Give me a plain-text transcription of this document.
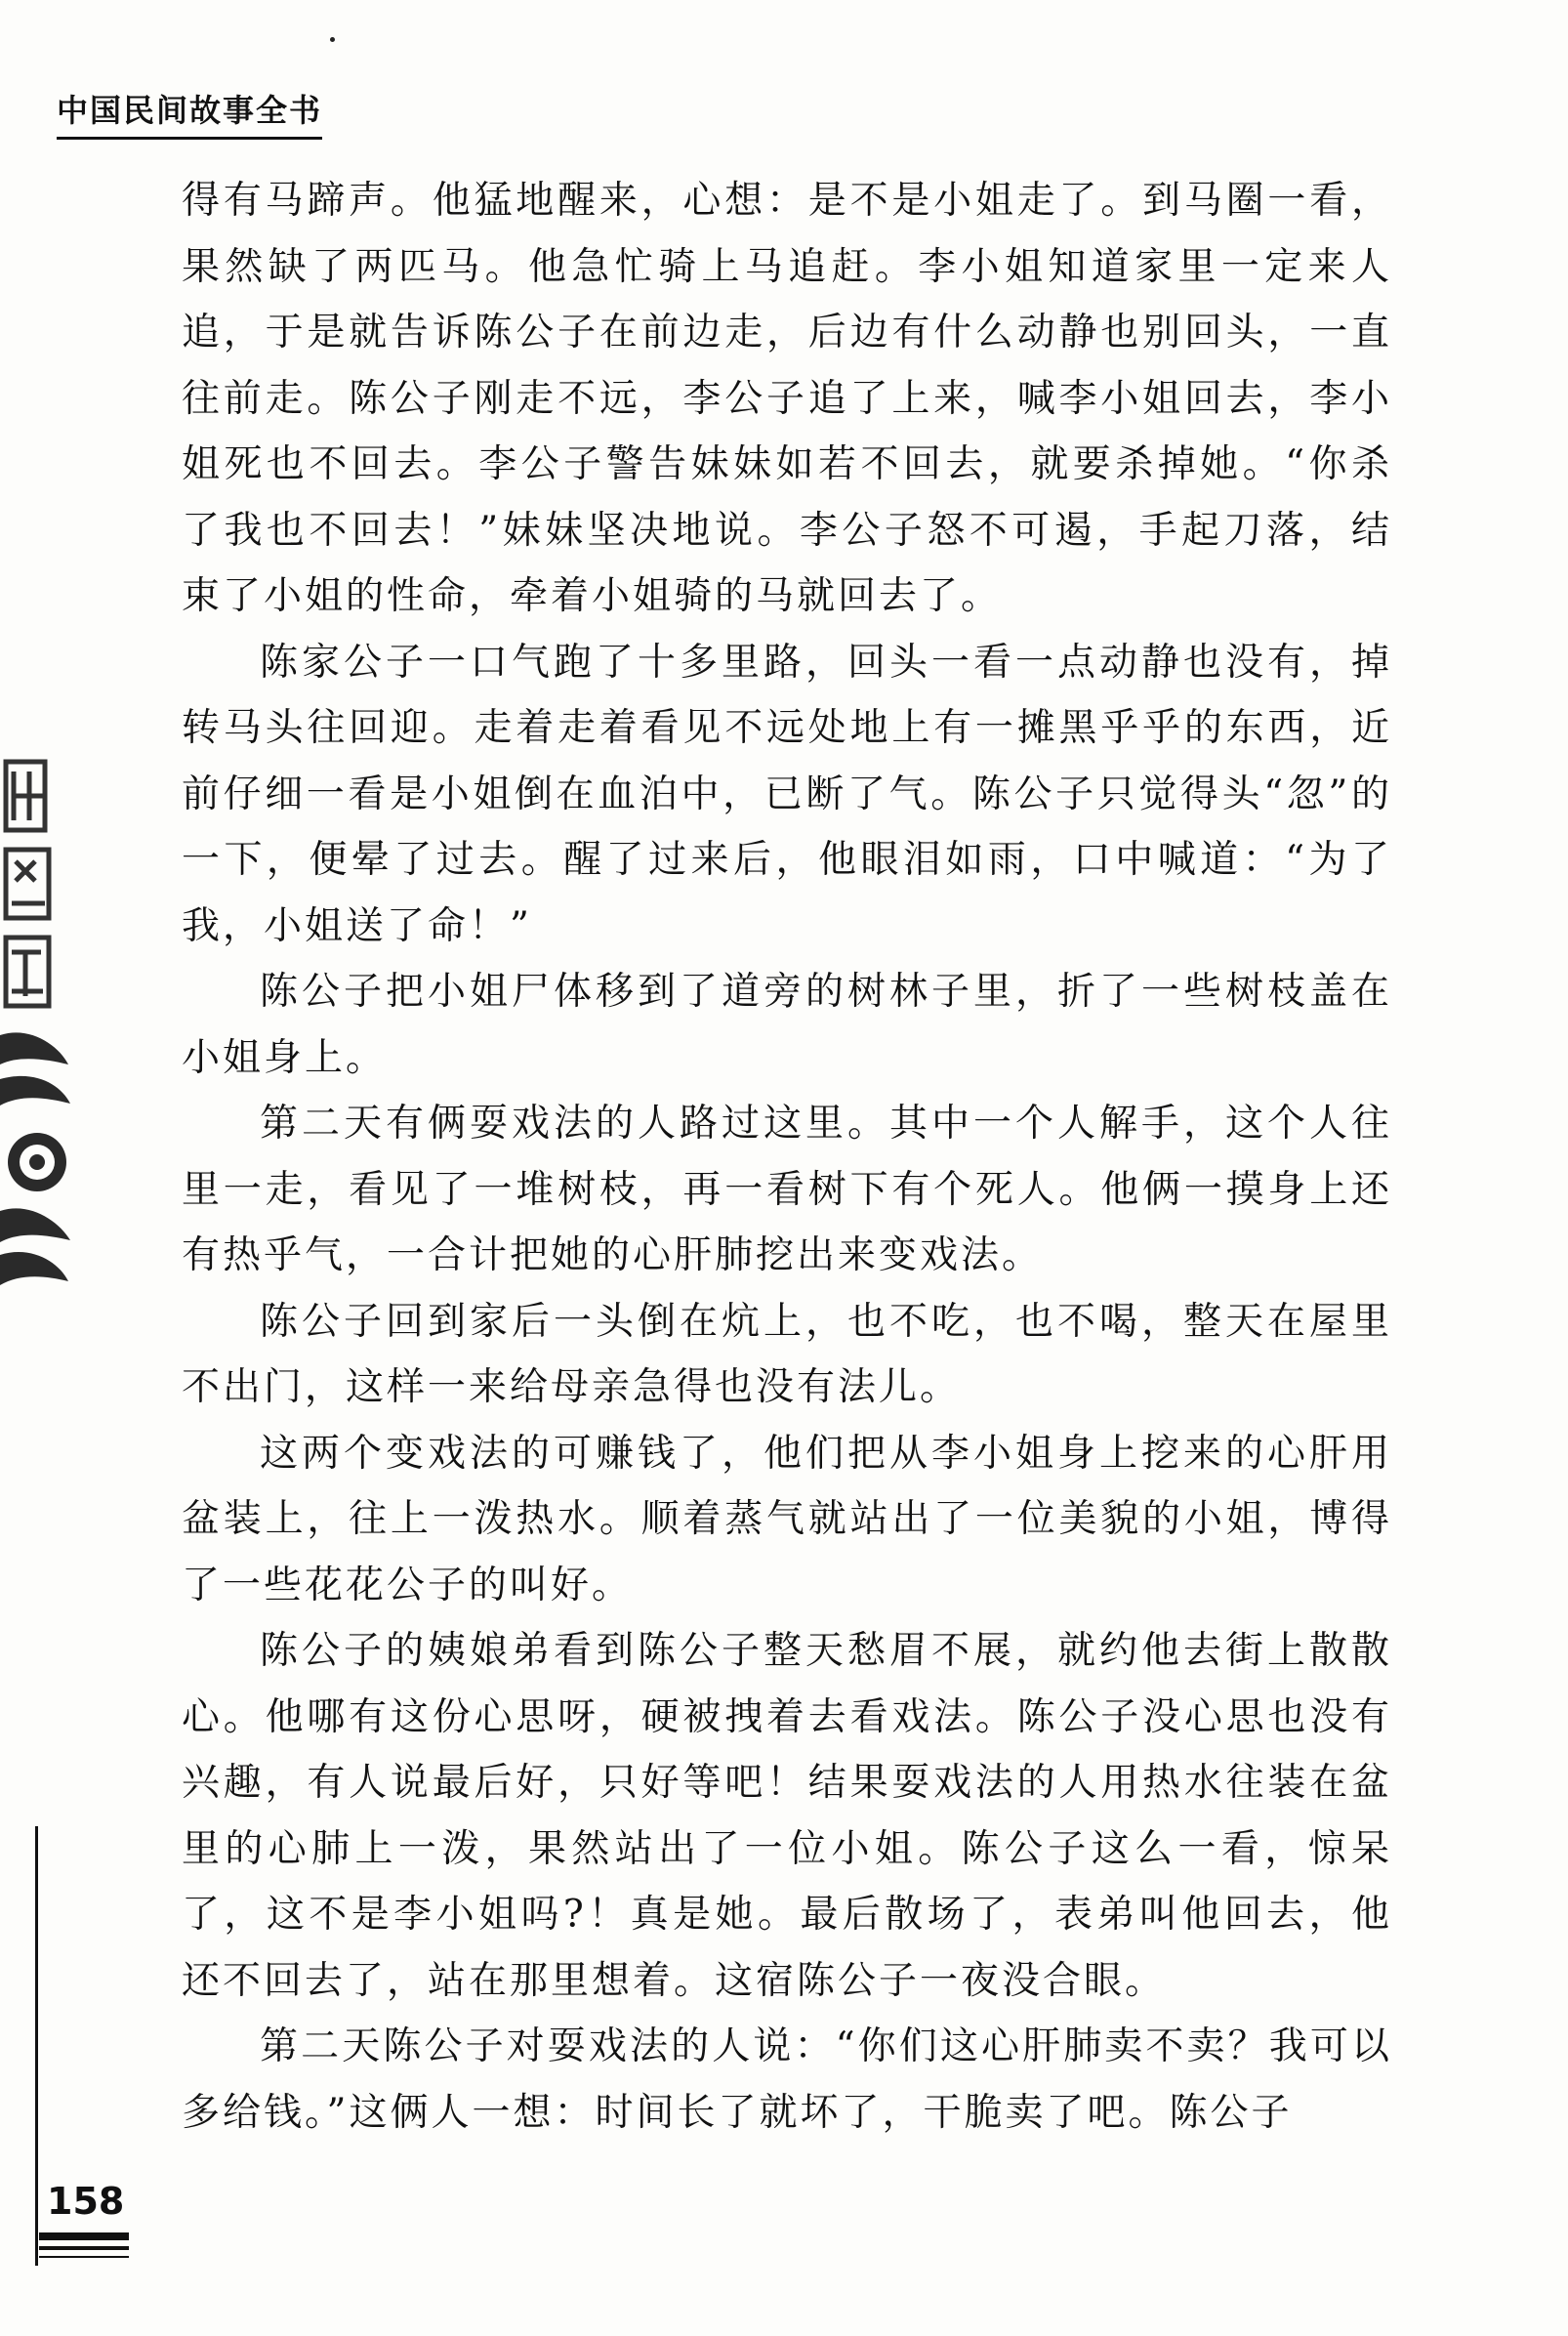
中国民间故事全书

得有马蹄声。他猛地醒来，心想：是不是小姐走了。到马圈一看，果然缺了两匹马。他急忙骑上马追赶。李小姐知道家里一定来人追，于是就告诉陈公子在前边走，后边有什么动静也别回头，一直往前走。陈公子刚走不远，李公子追了上来，喊李小姐回去，李小姐死也不回去。李公子警告妹妹如若不回去，就要杀掉她。“你杀了我也不回去！”妹妹坚决地说。李公子怒不可遏，手起刀落，结束了小姐的性命，牵着小姐骑的马就回去了。

陈家公子一口气跑了十多里路，回头一看一点动静也没有，掉转马头往回迎。走着走着看见不远处地上有一摊黑乎乎的东西，近前仔细一看是小姐倒在血泊中，已断了气。陈公子只觉得头“忽”的一下，便晕了过去。醒了过来后，他眼泪如雨，口中喊道：“为了我，小姐送了命！”

陈公子把小姐尸体移到了道旁的树林子里，折了一些树枝盖在小姐身上。

第二天有俩耍戏法的人路过这里。其中一个人解手，这个人往里一走，看见了一堆树枝，再一看树下有个死人。他俩一摸身上还有热乎气，一合计把她的心肝肺挖出来变戏法。

陈公子回到家后一头倒在炕上，也不吃，也不喝，整天在屋里不出门，这样一来给母亲急得也没有法儿。

这两个变戏法的可赚钱了，他们把从李小姐身上挖来的心肝用盆装上，往上一泼热水。顺着蒸气就站出了一位美貌的小姐，博得了一些花花公子的叫好。

陈公子的姨娘弟看到陈公子整天愁眉不展，就约他去街上散散心。他哪有这份心思呀，硬被拽着去看戏法。陈公子没心思也没有兴趣，有人说最后好，只好等吧！结果耍戏法的人用热水往装在盆里的心肺上一泼，果然站出了一位小姐。陈公子这么一看，惊呆了，这不是李小姐吗?！真是她。最后散场了，表弟叫他回去，他还不回去了，站在那里想着。这宿陈公子一夜没合眼。

第二天陈公子对耍戏法的人说：“你们这心肝肺卖不卖？我可以多给钱。”这俩人一想：时间长了就坏了，干脆卖了吧。陈公子

158
